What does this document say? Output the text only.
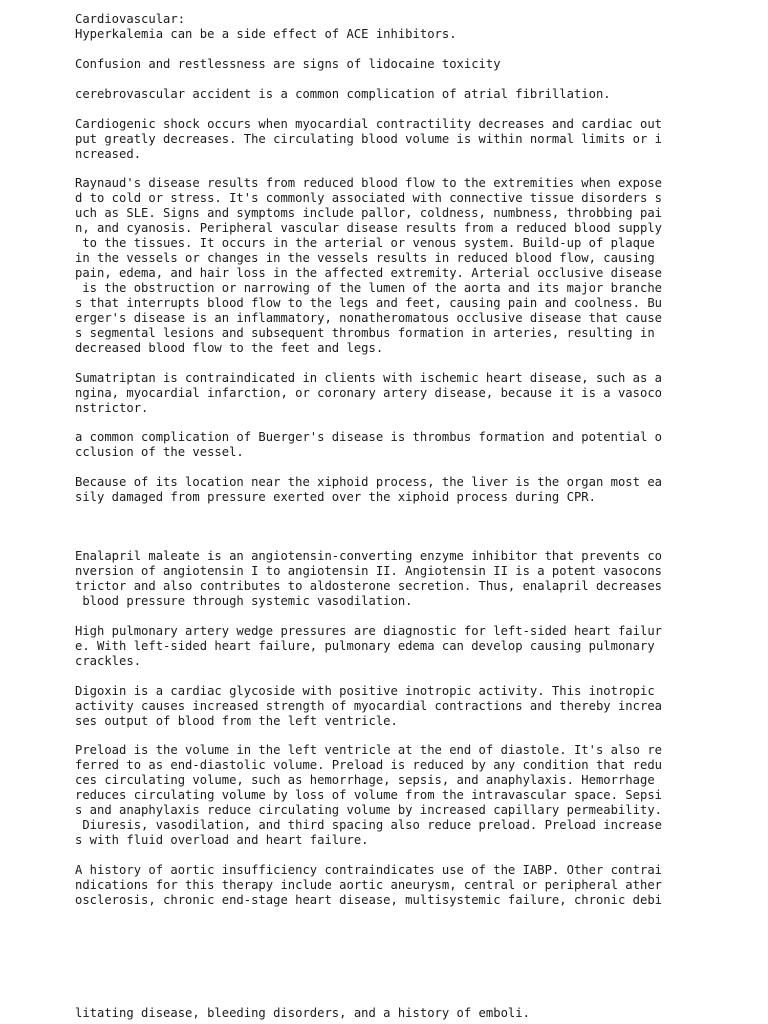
Cardiovascular:

Hyperkalemia can be a side effect of ACE inhibitors.

Confusion and restlessness are signs of lidocaine toxicity

cerebrovascular accident is a common complication of atrial fibrillation.

Cardiogenic shock occurs when myocardial contractility decreases and cardiac out

put greatly decreases. The circulating blood volume is within normal limits or i

ncreased.

Raynaud's disease results from reduced blood flow to the extremities when expose

d to cold or stress. It's commonly associated with connective tissue disorders s

uch as SLE. Signs and symptoms include pallor, coldness, numbness, throbbing pai

n, and cyanosis. Peripheral vascular disease results from a reduced blood supply

to the tissues. It occurs in the arterial or venous system. Build-up of plaque

in the vessels or changes in the vessels results in reduced blood flow, causing

pain, edema, and hair loss in the affected extremity. Arterial occlusive disease

is the obstruction or narrowing of the lumen of the aorta and its major branche

s that interrupts blood flow to the legs and feet, causing pain and coolness. Bu

erger's disease is an inflammatory, nonatheromatous occlusive disease that cause

s segmental lesions and subsequent thrombus formation in arteries, resulting in

decreased blood flow to the feet and legs.

Sumatriptan is contraindicated in clients with ischemic heart disease, such as a

ngina, myocardial infarction, or coronary artery disease, because it is a vasoco

nstrictor.

a common complication of Buerger's disease is thrombus formation and potential o

cclusion of the vessel.

Because of its location near the xiphoid process, the liver is the organ most ea

sily damaged from pressure exerted over the xiphoid process during CPR.

Enalapril maleate is an angiotensin-converting enzyme inhibitor that prevents co

nversion of angiotensin I to angiotensin II. Angiotensin II is a potent vasocons

trictor and also contributes to aldosterone secretion. Thus, enalapril decreases

blood pressure through systemic vasodilation.

High pulmonary artery wedge pressures are diagnostic for left-sided heart failur

e. With left-sided heart failure, pulmonary edema can develop causing pulmonary

crackles.

Digoxin is a cardiac glycoside with positive inotropic activity. This inotropic

activity causes increased strength of myocardial contractions and thereby increa

ses output of blood from the left ventricle.

Preload is the volume in the left ventricle at the end of diastole. It's also re

ferred to as end-diastolic volume. Preload is reduced by any condition that redu

ces circulating volume, such as hemorrhage, sepsis, and anaphylaxis. Hemorrhage

reduces circulating volume by loss of volume from the intravascular space. Sepsi

s and anaphylaxis reduce circulating volume by increased capillary permeability.

Diuresis, vasodilation, and third spacing also reduce preload. Preload increase

s with fluid overload and heart failure.

A history of aortic insufficiency contraindicates use of the IABP. Other contrai

ndications for this therapy include aortic aneurysm, central or peripheral ather

osclerosis, chronic end-stage heart disease, multisystemic failure, chronic debi

litating disease, bleeding disorders, and a history of emboli.
